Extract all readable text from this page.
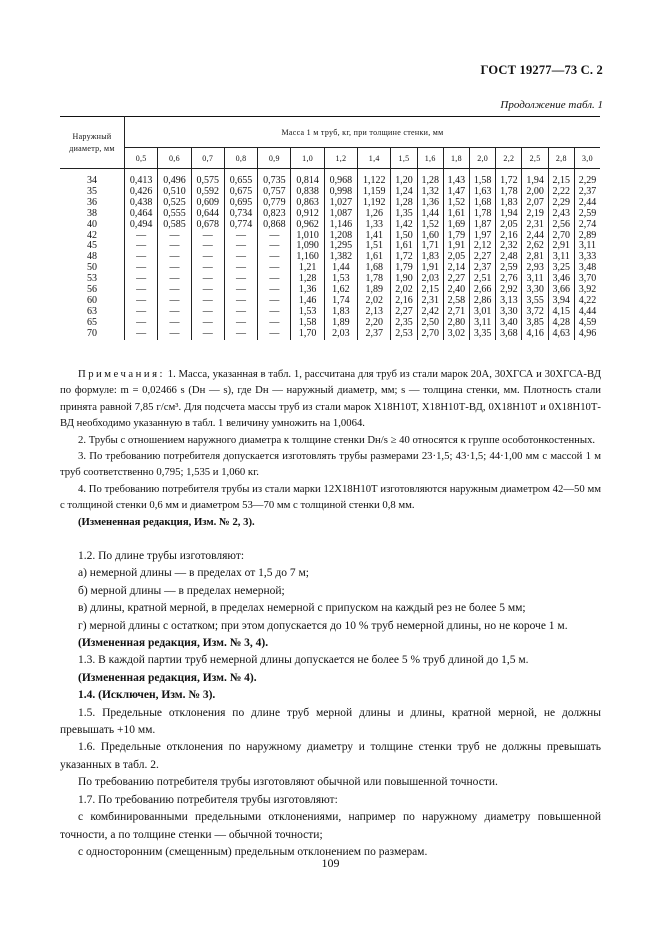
ГОСТ 19277—73 С. 2
Продолжение табл. 1
Наружный диаметр, мм	Масса 1 м труб, кг, при толщине стенки, мм															
	0,5	0,6	0,7	0,8	0,9	1,0	1,2	1,4	1,5	1,6	1,8	2,0	2,2	2,5	2,8	3,0
34	0,413	0,496	0,575	0,655	0,735	0,814	0,968	1,122	1,20	1,28	1,43	1,58	1,72	1,94	2,15	2,29
35	0,426	0,510	0,592	0,675	0,757	0,838	0,998	1,159	1,24	1,32	1,47	1,63	1,78	2,00	2,22	2,37
36	0,438	0,525	0,609	0,695	0,779	0,863	1,027	1,192	1,28	1,36	1,52	1,68	1,83	2,07	2,29	2,44
38	0,464	0,555	0,644	0,734	0,823	0,912	1,087	1,26	1,35	1,44	1,61	1,78	1,94	2,19	2,43	2,59
40	0,494	0,585	0,678	0,774	0,868	0,962	1,146	1,33	1,42	1,52	1,69	1,87	2,05	2,31	2,56	2,74
42	—	—	—	—	—	1,010	1,208	1,41	1,50	1,60	1,79	1,97	2,16	2,44	2,70	2,89
45	—	—	—	—	—	1,090	1,295	1,51	1,61	1,71	1,91	2,12	2,32	2,62	2,91	3,11
48	—	—	—	—	—	1,160	1,382	1,61	1,72	1,83	2,05	2,27	2,48	2,81	3,11	3,33
50	—	—	—	—	—	1,21	1,44	1,68	1,79	1,91	2,14	2,37	2,59	2,93	3,25	3,48
53	—	—	—	—	—	1,28	1,53	1,78	1,90	2,03	2,27	2,51	2,76	3,11	3,46	3,70
56	—	—	—	—	—	1,36	1,62	1,89	2,02	2,15	2,40	2,66	2,92	3,30	3,66	3,92
60	—	—	—	—	—	1,46	1,74	2,02	2,16	2,31	2,58	2,86	3,13	3,55	3,94	4,22
63	—	—	—	—	—	1,53	1,83	2,13	2,27	2,42	2,71	3,01	3,30	3,72	4,15	4,44
65	—	—	—	—	—	1,58	1,89	2,20	2,35	2,50	2,80	3,11	3,40	3,85	4,28	4,59
70	—	—	—	—	—	1,70	2,03	2,37	2,53	2,70	3,02	3,35	3,68	4,16	4,63	4,96

Примечания: 1. Масса, указанная в табл. 1, рассчитана для труб из стали марок 20А, 30ХГСА и 30ХГСА-ВД по формуле: m = 0,02466 s (Dн — s), где Dн — наружный диаметр, мм; s — толщина стенки, мм. Плотность стали принята равной 7,85 г/см³. Для подсчета массы труб из стали марок Х18Н10Т, Х18Н10Т-ВД, 0Х18Н10Т и 0Х18Н10Т-ВД необходимо указанную в табл. 1 величину умножить на 1,0064.

2. Трубы с отношением наружного диаметра к толщине стенки Dн/s ≥ 40 относятся к группе особотонкостенных.

3. По требованию потребителя допускается изготовлять трубы размерами 23·1,5; 43·1,5; 44·1,00 мм с массой 1 м труб соответственно 0,795; 1,535 и 1,060 кг.

4. По требованию потребителя трубы из стали марки 12Х18Н10Т изготовляются наружным диаметром 42—50 мм с толщиной стенки 0,6 мм и диаметром 53—70 мм с толщиной стенки 0,8 мм.

(Измененная редакция, Изм. № 2, 3).

1.2. По длине трубы изготовляют:

а) немерной длины — в пределах от 1,5 до 7 м;

б) мерной длины — в пределах немерной;

в) длины, кратной мерной, в пределах немерной с припуском на каждый рез не более 5 мм;

г) мерной длины с остатком; при этом допускается до 10 % труб немерной длины, но не короче 1 м.

(Измененная редакция, Изм. № 3, 4).

1.3. В каждой партии труб немерной длины допускается не более 5 % труб длиной до 1,5 м.

(Измененная редакция, Изм. № 4).

1.4. (Исключен, Изм. № 3).

1.5. Предельные отклонения по длине труб мерной длины и длины, кратной мерной, не должны превышать +10 мм.

1.6. Предельные отклонения по наружному диаметру и толщине стенки труб не должны превышать указанных в табл. 2.

По требованию потребителя трубы изготовляют обычной или повышенной точности.

1.7. По требованию потребителя трубы изготовляют:

с комбинированными предельными отклонениями, например по наружному диаметру повышенной точности, а по толщине стенки — обычной точности;

с односторонним (смещенным) предельным отклонением по размерам.

109
